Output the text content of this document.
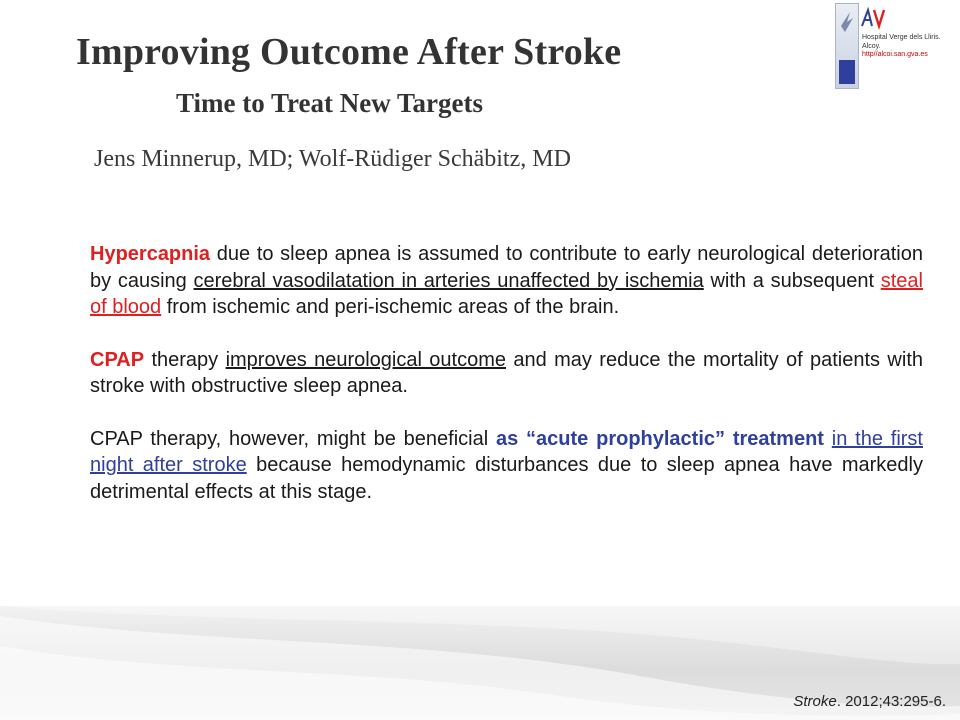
Improving Outcome After Stroke
Time to Treat New Targets
Jens Minnerup, MD; Wolf-Rüdiger Schäbitz, MD
Hospital Verge dels Lliris.
Alcoy.
http//alcoi.san.gva.es

Hypercapnia due to sleep apnea is assumed to contribute to early neurological deterioration by causing cerebral vasodilatation in arteries unaffected by ischemia with a subsequent steal of blood from ischemic and peri-ischemic areas of the brain.

CPAP therapy improves neurological outcome and may reduce the mortality of patients with stroke with obstructive sleep apnea.

CPAP therapy, however, might be beneficial as “acute prophylactic” treatment in the first night after stroke because hemodynamic disturbances due to sleep apnea have markedly detrimental effects at this stage.

Stroke. 2012;43:295-6.
